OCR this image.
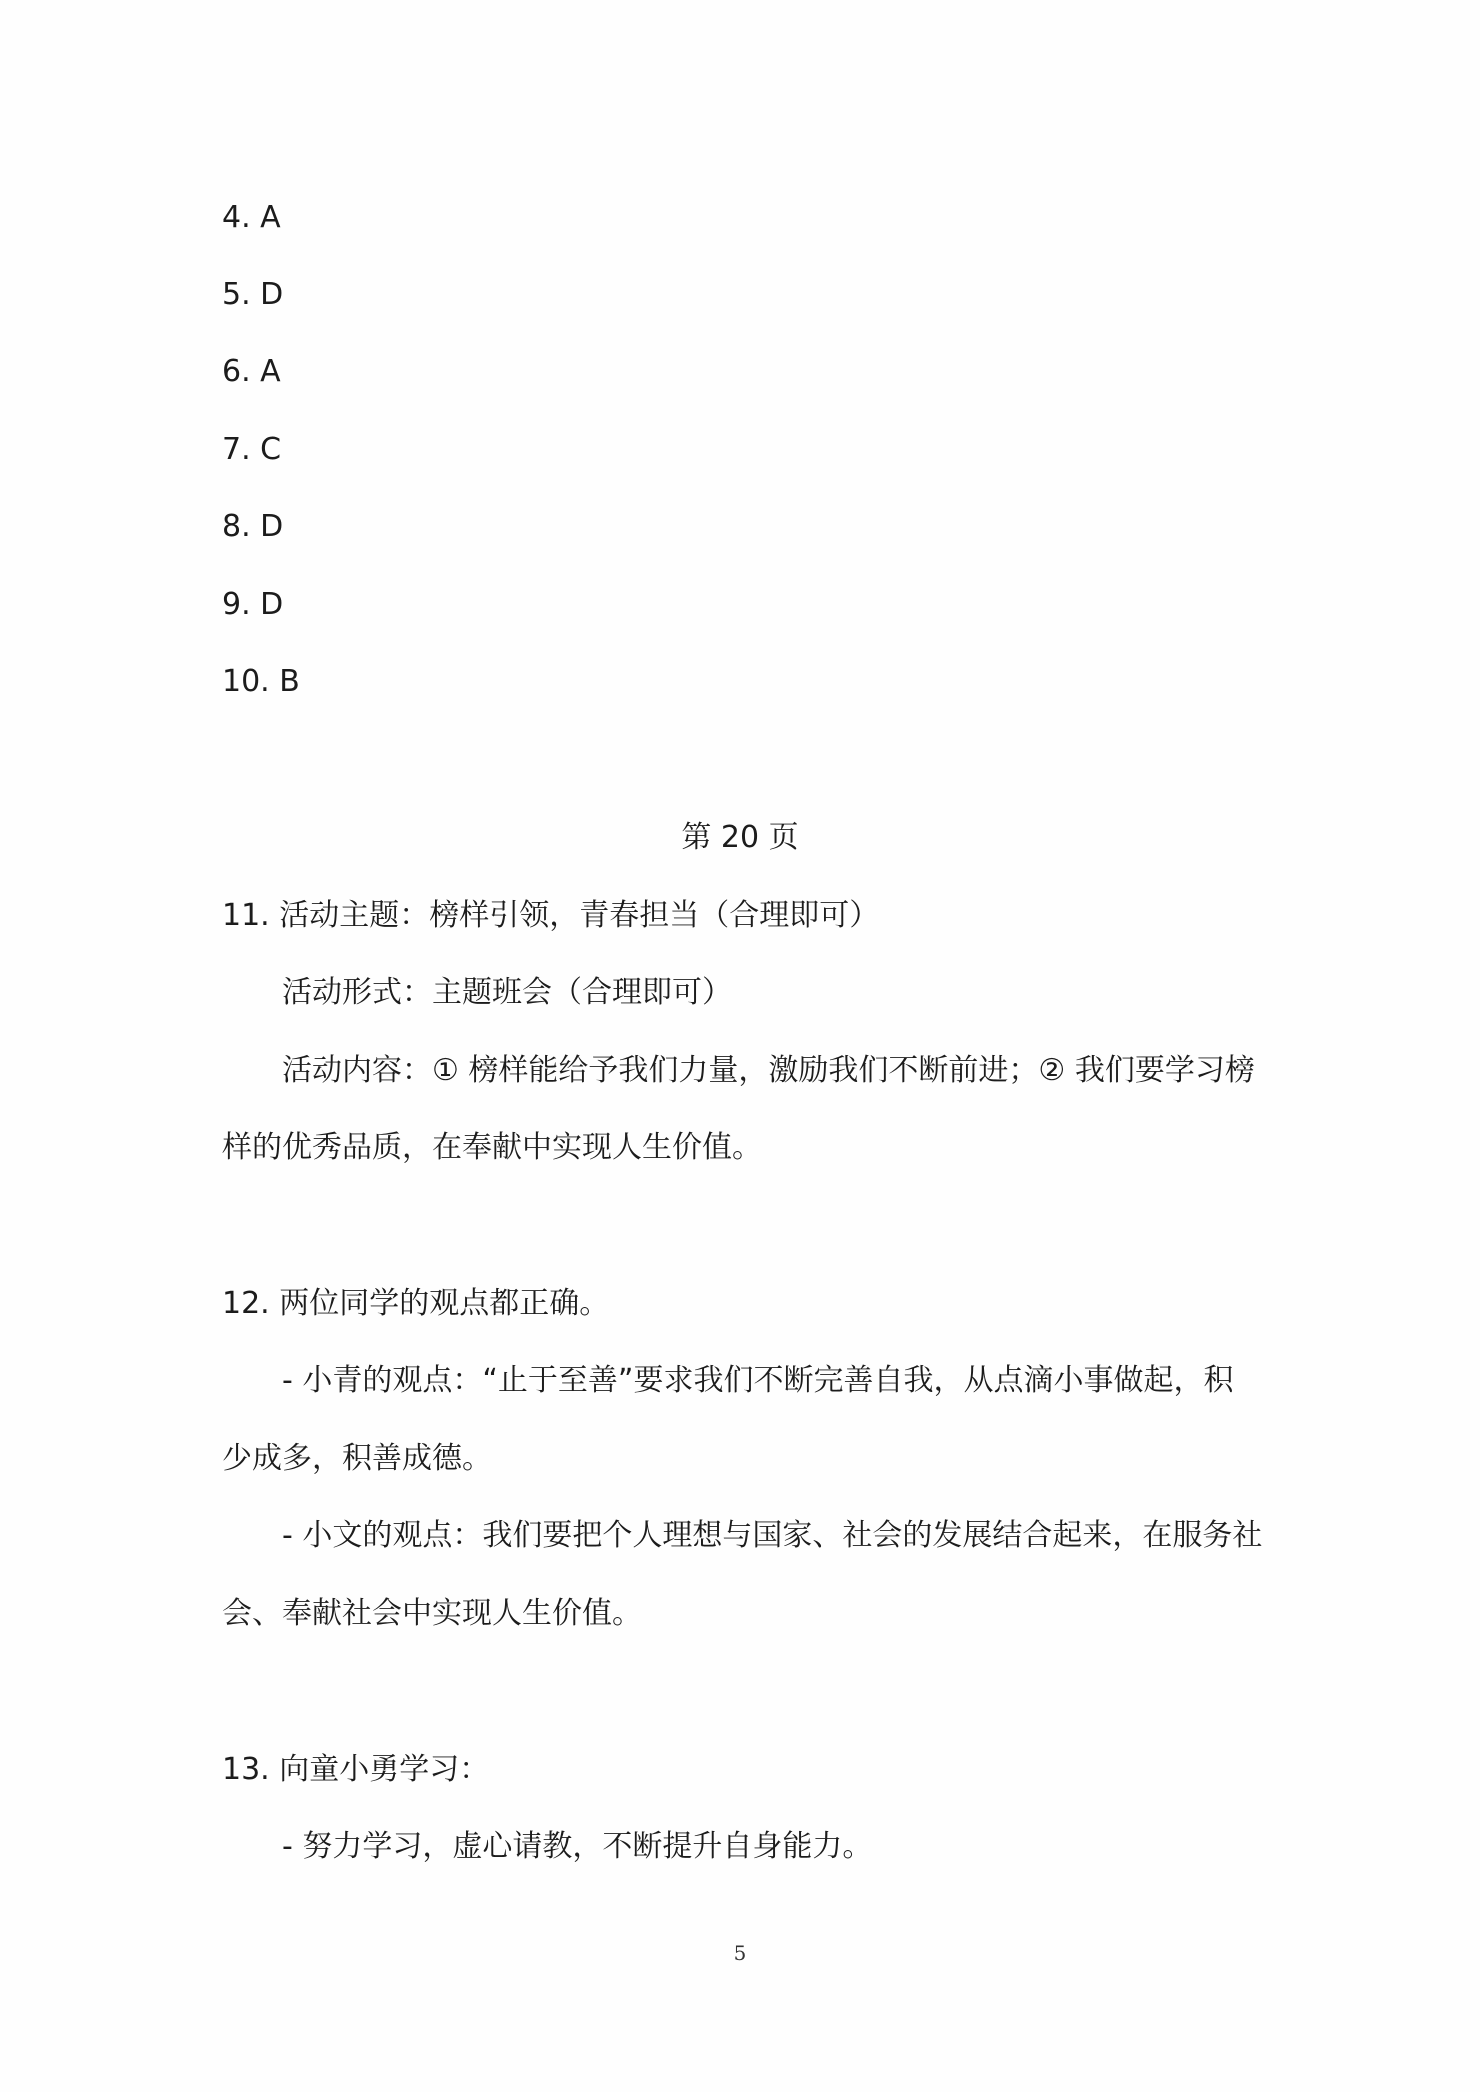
4. A
5. D
6. A
7. C
8. D
9. D
10. B
第 20 页
11. 活动主题：榜样引领，青春担当（合理即可）
活动形式：主题班会（合理即可）
活动内容：① 榜样能给予我们力量，激励我们不断前进；② 我们要学习榜
样的优秀品质，在奉献中实现人生价值。
12. 两位同学的观点都正确。
- 小青的观点：“止于至善”要求我们不断完善自我，从点滴小事做起，积
少成多，积善成德。
- 小文的观点：我们要把个人理想与国家、社会的发展结合起来，在服务社
会、奉献社会中实现人生价值。
13. 向童小勇学习：
- 努力学习，虚心请教，不断提升自身能力。
5
